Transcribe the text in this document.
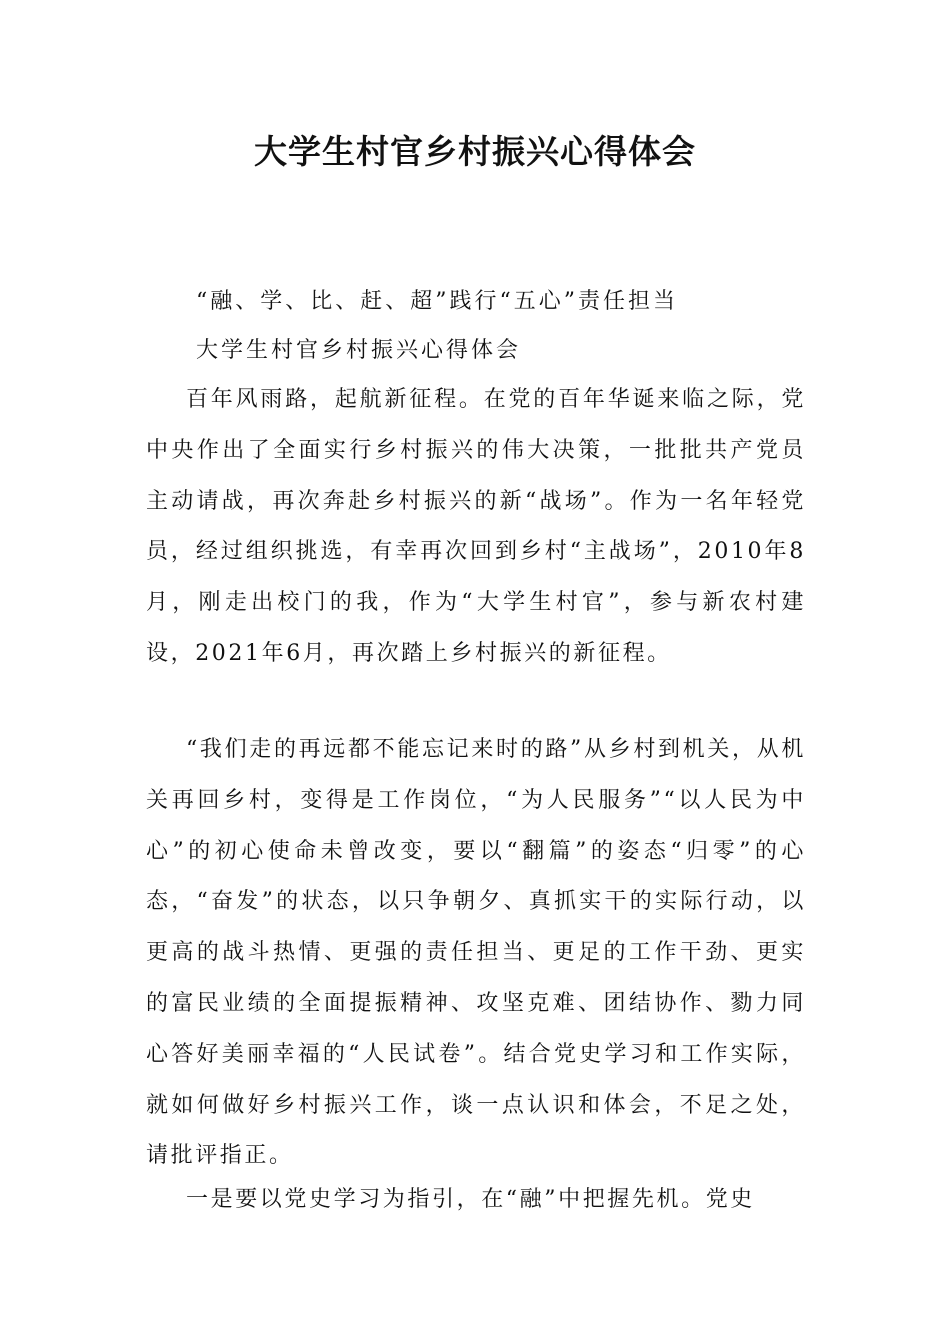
大学生村官乡村振兴心得体会

“融、学、比、赶、超”践行“五心”责任担当

大学生村官乡村振兴心得体会

百年风雨路，起航新征程。在党的百年华诞来临之际，党中央作出了全面实行乡村振兴的伟大决策，一批批共产党员主动请战，再次奔赴乡村振兴的新“战场”。作为一名年轻党员，经过组织挑选，有幸再次回到乡村“主战场”，2010年8月，刚走出校门的我，作为“大学生村官”，参与新农村建设，2021年6月，再次踏上乡村振兴的新征程。

“我们走的再远都不能忘记来时的路”从乡村到机关，从机关再回乡村，变得是工作岗位，“为人民服务”“以人民为中心”的初心使命未曾改变，要以“翻篇”的姿态“归零”的心态，“奋发”的状态，以只争朝夕、真抓实干的实际行动，以更高的战斗热情、更强的责任担当、更足的工作干劲、更实的富民业绩的全面提振精神、攻坚克难、团结协作、勠力同心答好美丽幸福的“人民试卷”。结合党史学习和工作实际，就如何做好乡村振兴工作，谈一点认识和体会，不足之处，请批评指正。

一是要以党史学习为指引，在“融”中把握先机。党史
